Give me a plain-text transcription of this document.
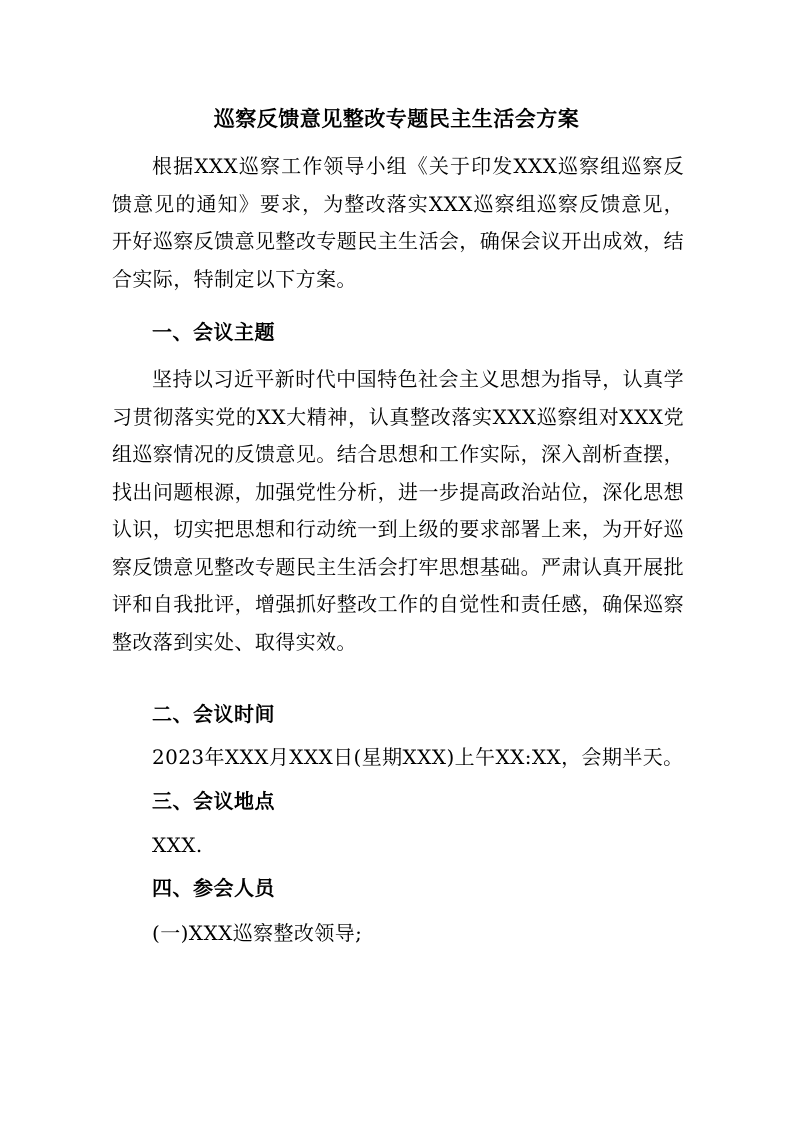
巡察反馈意见整改专题民主生活会方案
根据XXX巡察工作领导小组《关于印发XXX巡察组巡察反馈意见的通知》要求，为整改落实XXX巡察组巡察反馈意见，开好巡察反馈意见整改专题民主生活会，确保会议开出成效，结合实际，特制定以下方案。
一、会议主题
坚持以习近平新时代中国特色社会主义思想为指导，认真学习贯彻落实党的XX大精神，认真整改落实XXX巡察组对XXX党组巡察情况的反馈意见。结合思想和工作实际，深入剖析查摆，找出问题根源，加强党性分析，进一步提高政治站位，深化思想认识，切实把思想和行动统一到上级的要求部署上来，为开好巡察反馈意见整改专题民主生活会打牢思想基础。严肃认真开展批评和自我批评，增强抓好整改工作的自觉性和责任感，确保巡察整改落到实处、取得实效。
二、会议时间
2023年XXX月XXX日(星期XXX)上午XX:XX，会期半天。
三、会议地点
XXX.
四、参会人员
(一)XXX巡察整改领导;
